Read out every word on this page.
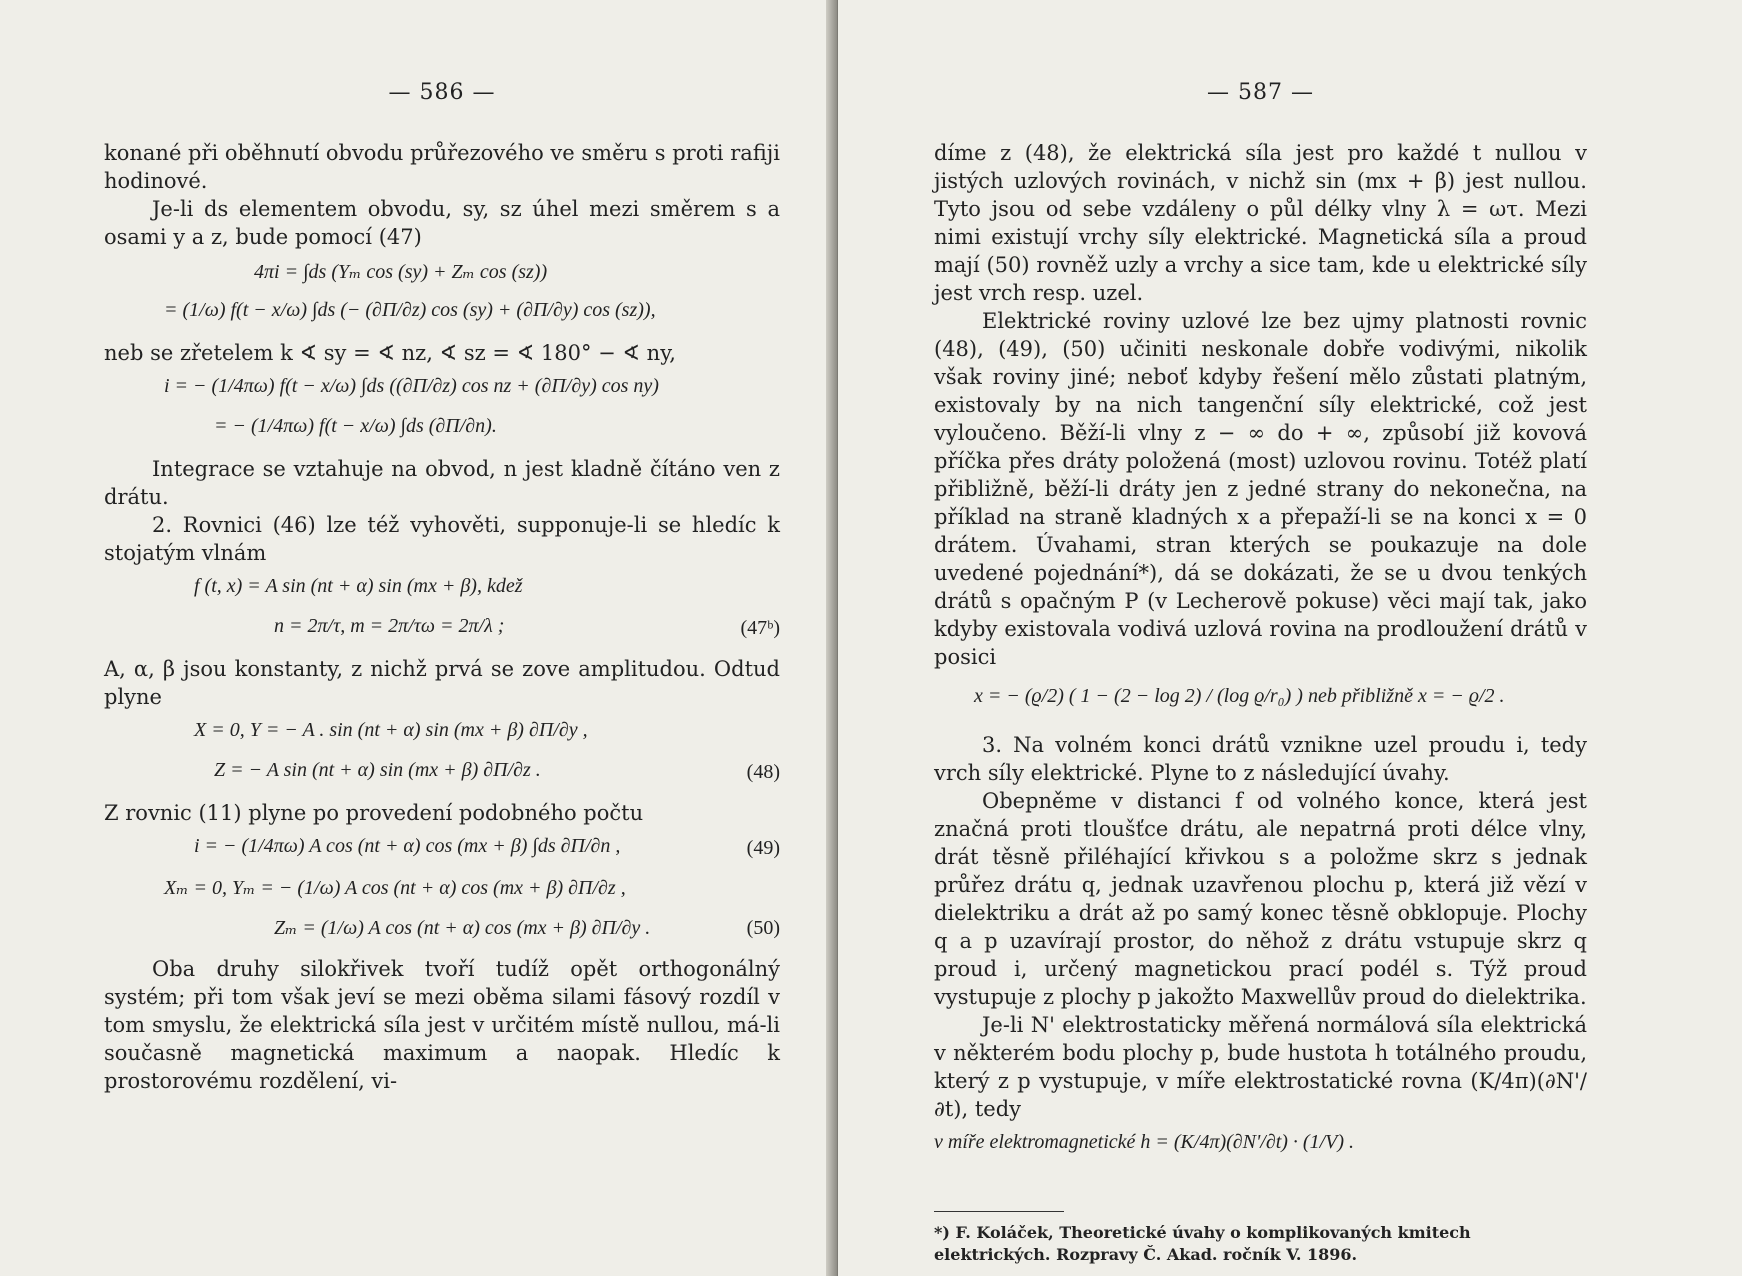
— 586 —

konané při oběhnutí obvodu průřezového ve směru s proti rafiji hodinové.

Je-li ds elementem obvodu, sy, sz úhel mezi směrem s a osami y a z, bude pomocí (47)

4πi = ∫ds (Yₘ cos (sy) + Zₘ cos (sz))
= (1/ω) f(t − x/ω) ∫ds (− (∂Π/∂z) cos (sy) + (∂Π/∂y) cos (sz)),

neb se zřetelem k ∢ sy = ∢ nz, ∢ sz = ∢ 180° − ∢ ny,

i = − (1/4πω) f(t − x/ω) ∫ds ((∂Π/∂z) cos nz + (∂Π/∂y) cos ny)
= − (1/4πω) f(t − x/ω) ∫ds (∂Π/∂n).

Integrace se vztahuje na obvod, n jest kladně čítáno ven z drátu.

2. Rovnici (46) lze též vyhověti, supponuje-li se hledíc k stojatým vlnám

f (t, x) = A sin (nt + α) sin (mx + β), kdež
n = 2π/τ, m = 2π/τω = 2π/λ ;	(47ᵇ)

A, α, β jsou konstanty, z nichž prvá se zove amplitudou. Odtud plyne

X = 0, Y = − A . sin (nt + α) sin (mx + β) ∂Π/∂y ,
Z = − A sin (nt + α) sin (mx + β) ∂Π/∂z .	(48)

Z rovnic (11) plyne po provedení podobného počtu

i = − (1/4πω) A cos (nt + α) cos (mx + β) ∫ds ∂Π/∂n ,	(49)
Xₘ = 0, Yₘ = − (1/ω) A cos (nt + α) cos (mx + β) ∂Π/∂z ,
Zₘ = (1/ω) A cos (nt + α) cos (mx + β) ∂Π/∂y .	(50)

Oba druhy silokřivek tvoří tudíž opět orthogonálný systém; při tom však jeví se mezi oběma silami fásový rozdíl v tom smyslu, že elektrická síla jest v určitém místě nullou, má-li současně magnetická maximum a naopak. Hledíc k prostorovému rozdělení, vi-

— 587 —

díme z (48), že elektrická síla jest pro každé t nullou v jistých uzlových rovinách, v nichž sin (mx + β) jest nullou. Tyto jsou od sebe vzdáleny o půl délky vlny λ = ωτ. Mezi nimi existují vrchy síly elektrické. Magnetická síla a proud mají (50) rovněž uzly a vrchy a sice tam, kde u elektrické síly jest vrch resp. uzel.

Elektrické roviny uzlové lze bez ujmy platnosti rovnic (48), (49), (50) učiniti neskonale dobře vodivými, nikolik však roviny jiné; neboť kdyby řešení mělo zůstati platným, existovaly by na nich tangenční síly elektrické, což jest vyloučeno. Běží-li vlny z − ∞ do + ∞, způsobí již kovová příčka přes dráty položená (most) uzlovou rovinu. Totéž platí přibližně, běží-li dráty jen z jedné strany do nekonečna, na příklad na straně kladných x a přepaží-li se na konci x = 0 drátem. Úvahami, stran kterých se poukazuje na dole uvedené pojednání*), dá se dokázati, že se u dvou tenkých drátů s opačným P (v Lecherově pokuse) věci mají tak, jako kdyby existovala vodivá uzlová rovina na prodloužení drátů v posici

x = − (ϱ/2) ( 1 − (2 − log 2) / (log ϱ/r₀) ) neb přibližně x = − ϱ/2 .

3. Na volném konci drátů vznikne uzel proudu i, tedy vrch síly elektrické. Plyne to z následující úvahy.

Obepněme v distanci f od volného konce, která jest značná proti tloušťce drátu, ale nepatrná proti délce vlny, drát těsně přiléhající křivkou s a položme skrz s jednak průřez drátu q, jednak uzavřenou plochu p, která již vězí v dielektriku a drát až po samý konec těsně obklopuje. Plochy q a p uzavírají prostor, do něhož z drátu vstupuje skrz q proud i, určený magnetickou prací podél s. Týž proud vystupuje z plochy p jakožto Maxwellův proud do dielektrika.

Je-li N' elektrostaticky měřená normálová síla elektrická v některém bodu plochy p, bude hustota h totálného proudu, který z p vystupuje, v míře elektrostatické rovna (K/4π)(∂N'/∂t), tedy

v míře elektromagnetické h = (K/4π)(∂N'/∂t) · (1/V) .
*) F. Koláček, Theoretické úvahy o komplikovaných kmitech elektrických. Rozpravy Č. Akad. ročník V. 1896.
